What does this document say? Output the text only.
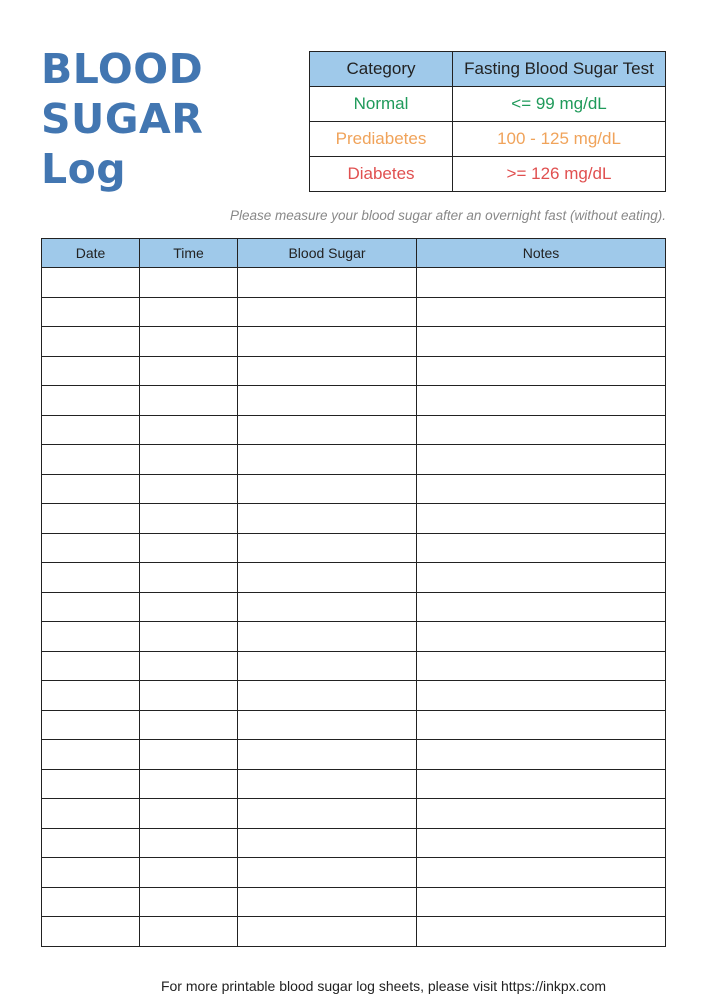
BLOOD
SUGAR
Log
Category	Fasting Blood Sugar Test
Normal	<= 99 mg/dL
Prediabetes	100 - 125 mg/dL
Diabetes	>= 126 mg/dL
Please measure your blood sugar after an overnight fast (without eating).
Date	Time	Blood Sugar	Notes

For more printable blood sugar log sheets, please visit https://inkpx.com
